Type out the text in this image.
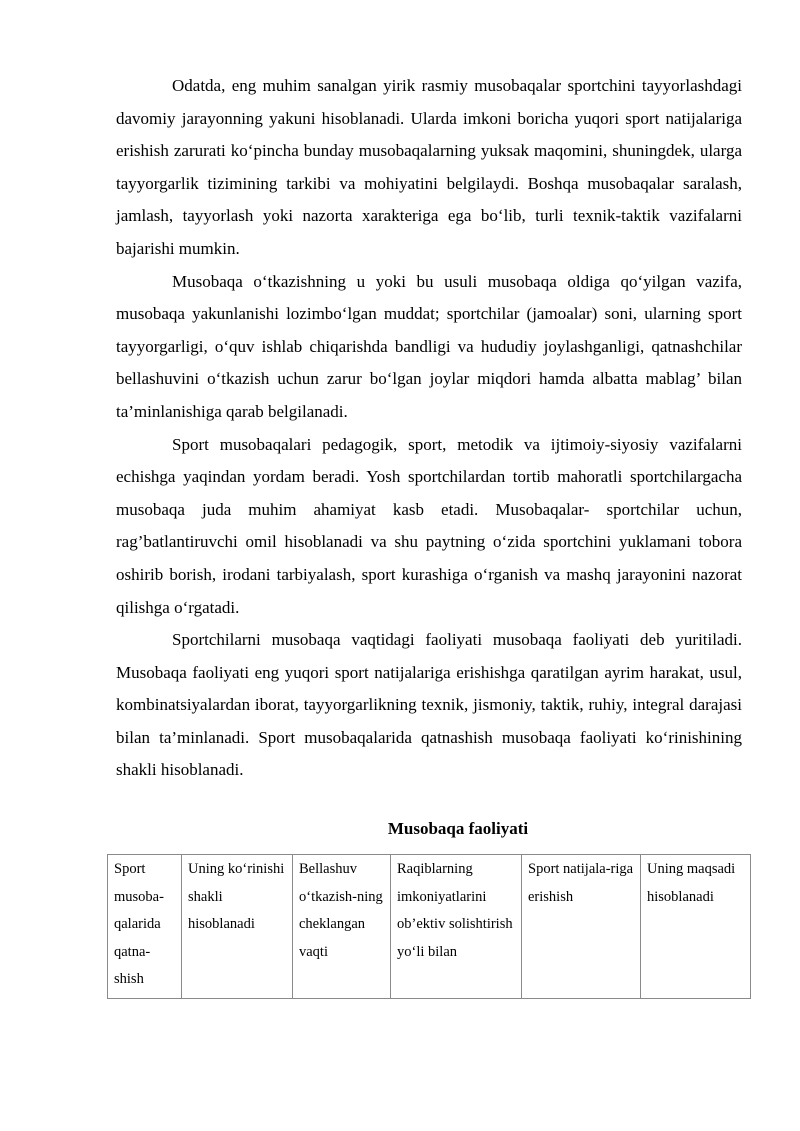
Odatda, eng muhim sanalgan yirik rasmiy musobaqalar sportchini tayyorlashdagi davomiy jarayonning yakuni hisoblanadi. Ularda imkoni boricha yuqori sport natijalariga erishish zarurati ko‘pincha bunday musobaqalarning yuksak maqomini, shuningdek, ularga tayyorgarlik tizimining tarkibi va mohiyatini belgilaydi. Boshqa musobaqalar saralash, jamlash, tayyorlash yoki nazorta xarakteriga ega bo‘lib, turli texnik-taktik vazifalarni bajarishi mumkin.

Musobaqa o‘tkazishning u yoki bu usuli musobaqa oldiga qo‘yilgan vazifa, musobaqa yakunlanishi lozimbo‘lgan muddat; sportchilar (jamoalar) soni, ularning sport tayyorgarligi, o‘quv ishlab chiqarishda bandligi va hududiy joylashganligi, qatnashchilar bellashuvini o‘tkazish uchun zarur bo‘lgan joylar miqdori hamda albatta mablag’ bilan ta’minlanishiga qarab belgilanadi.

Sport musobaqalari pedagogik, sport, metodik va ijtimoiy-siyosiy vazifalarni echishga yaqindan yordam beradi. Yosh sportchilardan tortib mahoratli sportchilargacha musobaqa juda muhim ahamiyat kasb etadi. Musobaqalar- sportchilar uchun, rag’batlantiruvchi omil hisoblanadi va shu paytning o‘zida sportchini yuklamani tobora oshirib borish, irodani tarbiyalash, sport kurashiga o‘rganish va mashq jarayonini nazorat qilishga o‘rgatadi.

Sportchilarni musobaqa vaqtidagi faoliyati musobaqa faoliyati deb yuritiladi. Musobaqa faoliyati eng yuqori sport natijalariga erishishga qaratilgan ayrim harakat, usul, kombinatsiyalardan iborat, tayyorgarlikning texnik, jismoniy, taktik, ruhiy, integral darajasi bilan ta’minlanadi. Sport musobaqalarida qatnashish musobaqa faoliyati ko‘rinishining shakli hisoblanadi.

Musobaqa faoliyati
Sport musoba-qalarida qatna-shish	Uning ko‘rinishi shakli hisoblanadi	Bellashuv o‘tkazish-ning cheklangan vaqti	Raqiblarning imkoniyatlarini ob’ektiv solishtirish yo‘li bilan	Sport natijala-riga erishish	Uning maqsadi hisoblanadi
